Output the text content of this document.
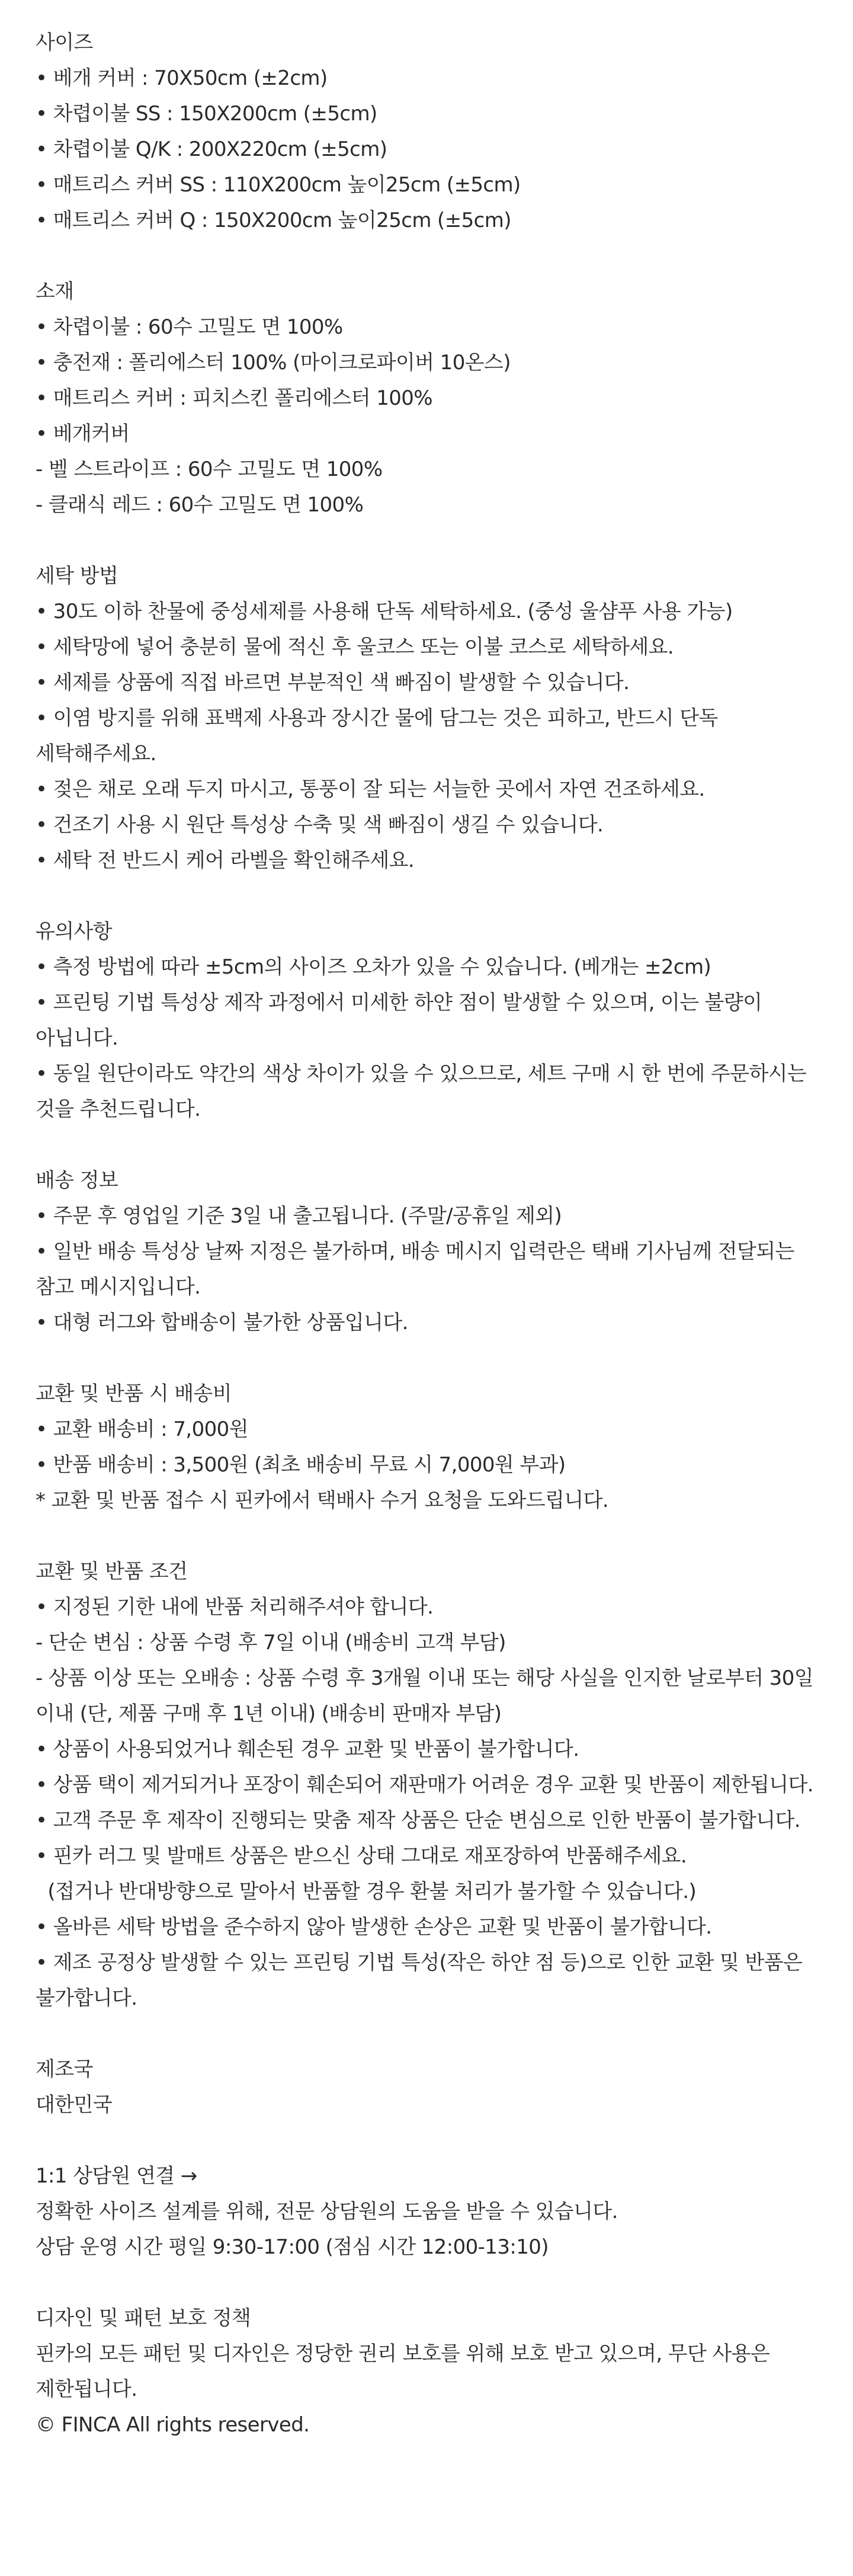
사이즈
• 베개 커버 : 70X50cm (±2cm)
• 차렵이불 SS : 150X200cm (±5cm)
• 차렵이불 Q/K : 200X220cm (±5cm)
• 매트리스 커버 SS : 110X200cm 높이25cm (±5cm)
• 매트리스 커버 Q : 150X200cm 높이25cm (±5cm)
소재
• 차렵이불 : 60수 고밀도 면 100%
• 충전재 : 폴리에스터 100% (마이크로파이버 10온스)
• 매트리스 커버 : 피치스킨 폴리에스터 100%
• 베개커버
- 벨 스트라이프 : 60수 고밀도 면 100%
- 클래식 레드 : 60수 고밀도 면 100%
세탁 방법
• 30도 이하 찬물에 중성세제를 사용해 단독 세탁하세요. (중성 울샴푸 사용 가능)
• 세탁망에 넣어 충분히 물에 적신 후 울코스 또는 이불 코스로 세탁하세요.
• 세제를 상품에 직접 바르면 부분적인 색 빠짐이 발생할 수 있습니다.
• 이염 방지를 위해 표백제 사용과 장시간 물에 담그는 것은 피하고, 반드시 단독 세탁해주세요.
• 젖은 채로 오래 두지 마시고, 통풍이 잘 되는 서늘한 곳에서 자연 건조하세요.
• 건조기 사용 시 원단 특성상 수축 및 색 빠짐이 생길 수 있습니다.
• 세탁 전 반드시 케어 라벨을 확인해주세요.
유의사항
• 측정 방법에 따라 ±5cm의 사이즈 오차가 있을 수 있습니다. (베개는 ±2cm)
• 프린팅 기법 특성상 제작 과정에서 미세한 하얀 점이 발생할 수 있으며, 이는 불량이 아닙니다.
• 동일 원단이라도 약간의 색상 차이가 있을 수 있으므로, 세트 구매 시 한 번에 주문하시는 것을 추천드립니다.
배송 정보
• 주문 후 영업일 기준 3일 내 출고됩니다. (주말/공휴일 제외)
• 일반 배송 특성상 날짜 지정은 불가하며, 배송 메시지 입력란은 택배 기사님께 전달되는 참고 메시지입니다.
• 대형 러그와 합배송이 불가한 상품입니다.
교환 및 반품 시 배송비
• 교환 배송비 : 7,000원
• 반품 배송비 : 3,500원 (최초 배송비 무료 시 7,000원 부과)
* 교환 및 반품 접수 시 핀카에서 택배사 수거 요청을 도와드립니다.
교환 및 반품 조건
• 지정된 기한 내에 반품 처리해주셔야 합니다.
- 단순 변심 : 상품 수령 후 7일 이내 (배송비 고객 부담)
- 상품 이상 또는 오배송 : 상품 수령 후 3개월 이내 또는 해당 사실을 인지한 날로부터 30일 이내 (단, 제품 구매 후 1년 이내) (배송비 판매자 부담)
• 상품이 사용되었거나 훼손된 경우 교환 및 반품이 불가합니다.
• 상품 택이 제거되거나 포장이 훼손되어 재판매가 어려운 경우 교환 및 반품이 제한됩니다.
• 고객 주문 후 제작이 진행되는 맞춤 제작 상품은 단순 변심으로 인한 반품이 불가합니다.
• 핀카 러그 및 발매트 상품은 받으신 상태 그대로 재포장하여 반품해주세요.
(접거나 반대방향으로 말아서 반품할 경우 환불 처리가 불가할 수 있습니다.)
• 올바른 세탁 방법을 준수하지 않아 발생한 손상은 교환 및 반품이 불가합니다.
• 제조 공정상 발생할 수 있는 프린팅 기법 특성(작은 하얀 점 등)으로 인한 교환 및 반품은 불가합니다.
제조국
대한민국
1:1 상담원 연결 →
정확한 사이즈 설계를 위해, 전문 상담원의 도움을 받을 수 있습니다.
상담 운영 시간 평일 9:30-17:00 (점심 시간 12:00-13:10)
디자인 및 패턴 보호 정책
핀카의 모든 패턴 및 디자인은 정당한 권리 보호를 위해 보호 받고 있으며, 무단 사용은 제한됩니다.
© FINCA All rights reserved.
